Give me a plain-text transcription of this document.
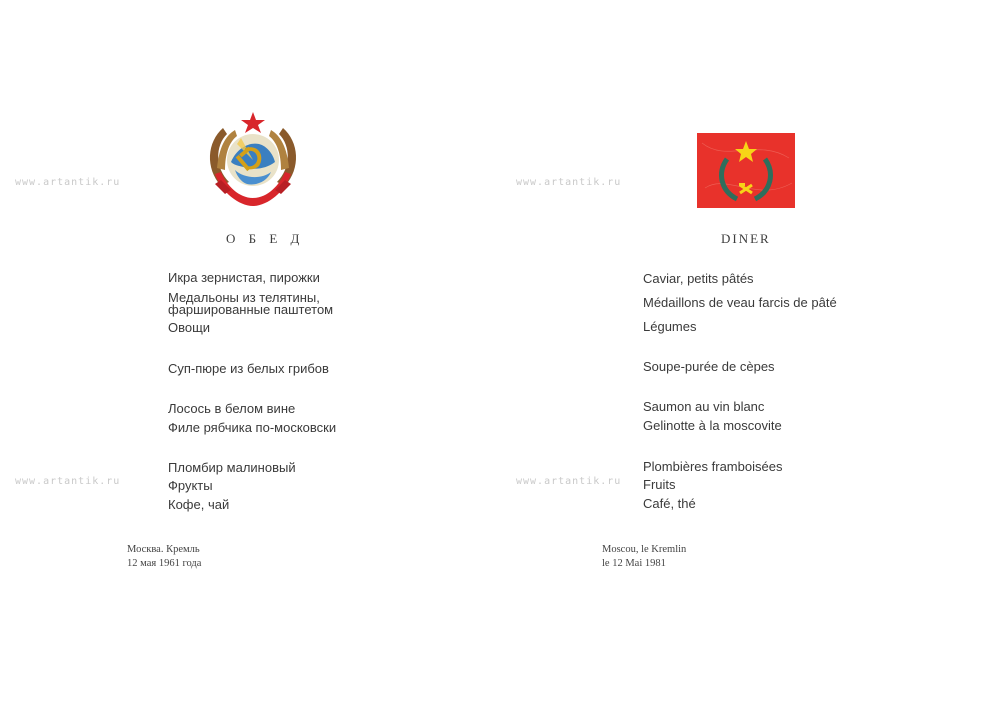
www.artantik.ru	www.artantik.ru
www.artantik.ru	www.artantik.ru
О Б Е Д	DINER
Икра зернистая, пирожки
Медальоны из телятины,
фаршированные паштетом
Овощи
Суп-пюре из белых грибов
Лосось в белом вине
Филе рябчика по-московски
Пломбир малиновый
Фрукты
Кофе, чай
Caviar, petits pâtés
Médaillons de veau farcis de pâté
Légumes
Soupe-purée de cèpes
Saumon au vin blanc
Gelinotte à la moscovite
Plombières framboisées
Fruits
Café, thé
Москва. Кремль
12 мая 1961 года
Moscou, le Kremlin
le 12 Mai 1981
